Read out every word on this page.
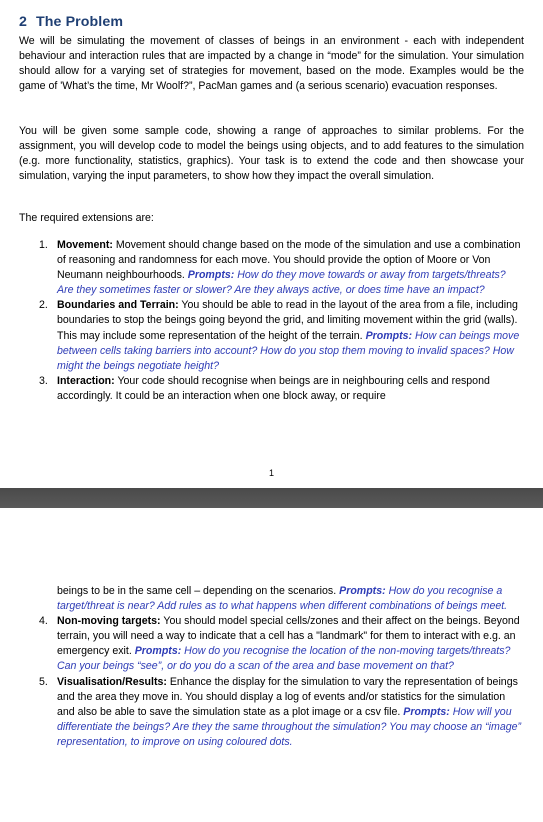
2 The Problem

We will be simulating the movement of classes of beings in an environment - each with independent behaviour and interaction rules that are impacted by a change in “mode” for the simulation. Your simulation should allow for a varying set of strategies for movement, based on the mode. Examples would be the game of 'What’s the time, Mr Woolf?”, PacMan games and (a serious scenario) evacuation responses.

You will be given some sample code, showing a range of approaches to similar problems. For the assignment, you will develop code to model the beings using objects, and to add features to the simulation (e.g. more functionality, statistics, graphics). Your task is to extend the code and then showcase your simulation, varying the input parameters, to show how they impact the overall simulation.

The required extensions are:

1. Movement: Movement should change based on the mode of the simulation and use a combination of reasoning and randomness for each move. You should provide the option of Moore or Von Neumann neighbourhoods. Prompts: How do they move towards or away from targets/threats? Are they sometimes faster or slower? Are they always active, or does time have an impact?
2. Boundaries and Terrain: You should be able to read in the layout of the area from a file, including boundaries to stop the beings going beyond the grid, and limiting movement within the grid (walls). This may include some representation of the height of the terrain. Prompts: How can beings move between cells taking barriers into account? How do you stop them moving to invalid spaces? How might the beings negotiate height?
3. Interaction: Your code should recognise when beings are in neighbouring cells and respond accordingly. It could be an interaction when one block away, or require
1
beings to be in the same cell – depending on the scenarios. Prompts: How do you recognise a target/threat is near? Add rules as to what happens when different combinations of beings meet.
4. Non-moving targets: You should model special cells/zones and their affect on the beings. Beyond terrain, you will need a way to indicate that a cell has a "landmark" for them to interact with e.g. an emergency exit. Prompts: How do you recognise the location of the non-moving targets/threats? Can your beings “see”, or do you do a scan of the area and base movement on that?
5. Visualisation/Results: Enhance the display for the simulation to vary the representation of beings and the area they move in. You should display a log of events and/or statistics for the simulation and also be able to save the simulation state as a plot image or a csv file. Prompts: How will you differentiate the beings? Are they the same throughout the simulation? You may choose an “image” representation, to improve on using coloured dots.
